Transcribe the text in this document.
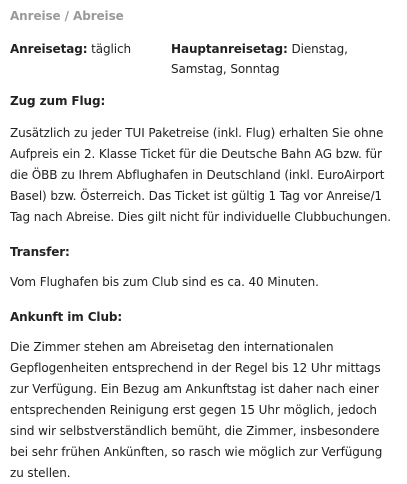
Anreise / Abreise
Anreisetag: täglich	Hauptanreisetag: Dienstag, Samstag, Sonntag

Zug zum Flug:

Zusätzlich zu jeder TUI Paketreise (inkl. Flug) erhalten Sie ohne Aufpreis ein 2. Klasse Ticket für die Deutsche Bahn AG bzw. für die ÖBB zu Ihrem Abflughafen in Deutschland (inkl. EuroAirport Basel) bzw. Österreich. Das Ticket ist gültig 1 Tag vor Anreise/1 Tag nach Abreise. Dies gilt nicht für individuelle Clubbuchungen.

Transfer:

Vom Flughafen bis zum Club sind es ca. 40 Minuten.

Ankunft im Club:

Die Zimmer stehen am Abreisetag den internationalen Gepflogenheiten entsprechend in der Regel bis 12 Uhr mittags zur Verfügung. Ein Bezug am Ankunftstag ist daher nach einer entsprechenden Reinigung erst gegen 15 Uhr möglich, jedoch sind wir selbstverständlich bemüht, die Zimmer, insbesondere bei sehr frühen Ankünften, so rasch wie möglich zur Verfügung zu stellen.
